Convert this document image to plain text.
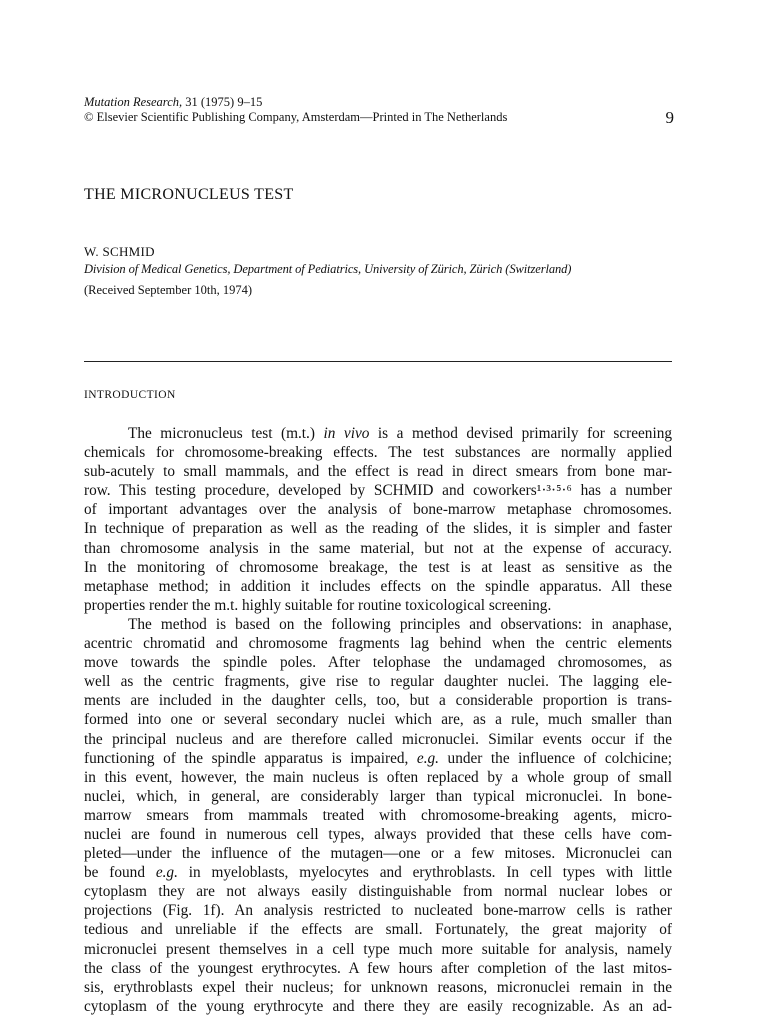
Mutation Research, 31 (1975) 9–15
© Elsevier Scientific Publishing Company, Amsterdam—Printed in The Netherlands	9
THE MICRONUCLEUS TEST
W. SCHMID
Division of Medical Genetics, Department of Pediatrics, University of Zürich, Zürich (Switzerland)
(Received September 10th, 1974)
INTRODUCTION
The micronucleus test (m.t.) in vivo is a method devised primarily for screening
chemicals for chromosome-breaking effects. The test substances are normally applied
sub-acutely to small mammals, and the effect is read in direct smears from bone mar-
row. This testing procedure, developed by SCHMID and coworkers¹·³·⁵·⁶ has a number
of important advantages over the analysis of bone-marrow metaphase chromosomes.
In technique of preparation as well as the reading of the slides, it is simpler and faster
than chromosome analysis in the same material, but not at the expense of accuracy.
In the monitoring of chromosome breakage, the test is at least as sensitive as the
metaphase method; in addition it includes effects on the spindle apparatus. All these
properties render the m.t. highly suitable for routine toxicological screening.
The method is based on the following principles and observations: in anaphase,
acentric chromatid and chromosome fragments lag behind when the centric elements
move towards the spindle poles. After telophase the undamaged chromosomes, as
well as the centric fragments, give rise to regular daughter nuclei. The lagging ele-
ments are included in the daughter cells, too, but a considerable proportion is trans-
formed into one or several secondary nuclei which are, as a rule, much smaller than
the principal nucleus and are therefore called micronuclei. Similar events occur if the
functioning of the spindle apparatus is impaired, e.g. under the influence of colchicine;
in this event, however, the main nucleus is often replaced by a whole group of small
nuclei, which, in general, are considerably larger than typical micronuclei. In bone-
marrow smears from mammals treated with chromosome-breaking agents, micro-
nuclei are found in numerous cell types, always provided that these cells have com-
pleted—under the influence of the mutagen—one or a few mitoses. Micronuclei can
be found e.g. in myeloblasts, myelocytes and erythroblasts. In cell types with little
cytoplasm they are not always easily distinguishable from normal nuclear lobes or
projections (Fig. 1f). An analysis restricted to nucleated bone-marrow cells is rather
tedious and unreliable if the effects are small. Fortunately, the great majority of
micronuclei present themselves in a cell type much more suitable for analysis, namely
the class of the youngest erythrocytes. A few hours after completion of the last mitos-
sis, erythroblasts expel their nucleus; for unknown reasons, micronuclei remain in the
cytoplasm of the young erythrocyte and there they are easily recognizable. As an ad-
